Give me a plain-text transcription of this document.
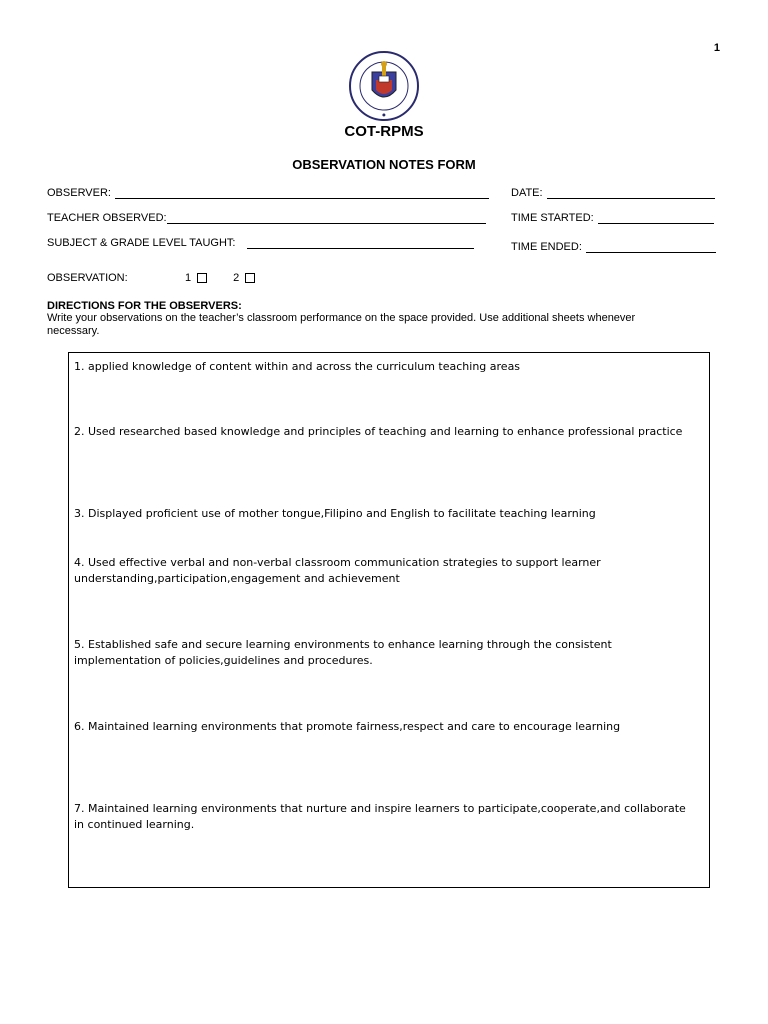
1
●
COT-RPMS
OBSERVATION NOTES FORM
OBSERVER:	DATE:
TEACHER OBSERVED:	TIME STARTED:
SUBJECT & GRADE LEVEL TAUGHT:	TIME ENDED:
OBSERVATION:	1	2
DIRECTIONS FOR THE OBSERVERS:
Write your observations on the teacher’s classroom performance on the space provided. Use additional sheets whenever necessary.
1. applied knowledge of content within and across the curriculum teaching areas
2. Used researched based knowledge and principles of teaching and learning to enhance professional practice
3. Displayed proficient use of mother tongue,Filipino and English to facilitate teaching learning
4. Used effective verbal and non-verbal classroom communication strategies to support learner understanding,participation,engagement and achievement
5. Established safe and secure learning environments to enhance learning through the consistent implementation of policies,guidelines and procedures.
6. Maintained learning environments that promote fairness,respect and care to encourage learning
7. Maintained learning environments that nurture and inspire learners to participate,cooperate,and collaborate in continued learning.
